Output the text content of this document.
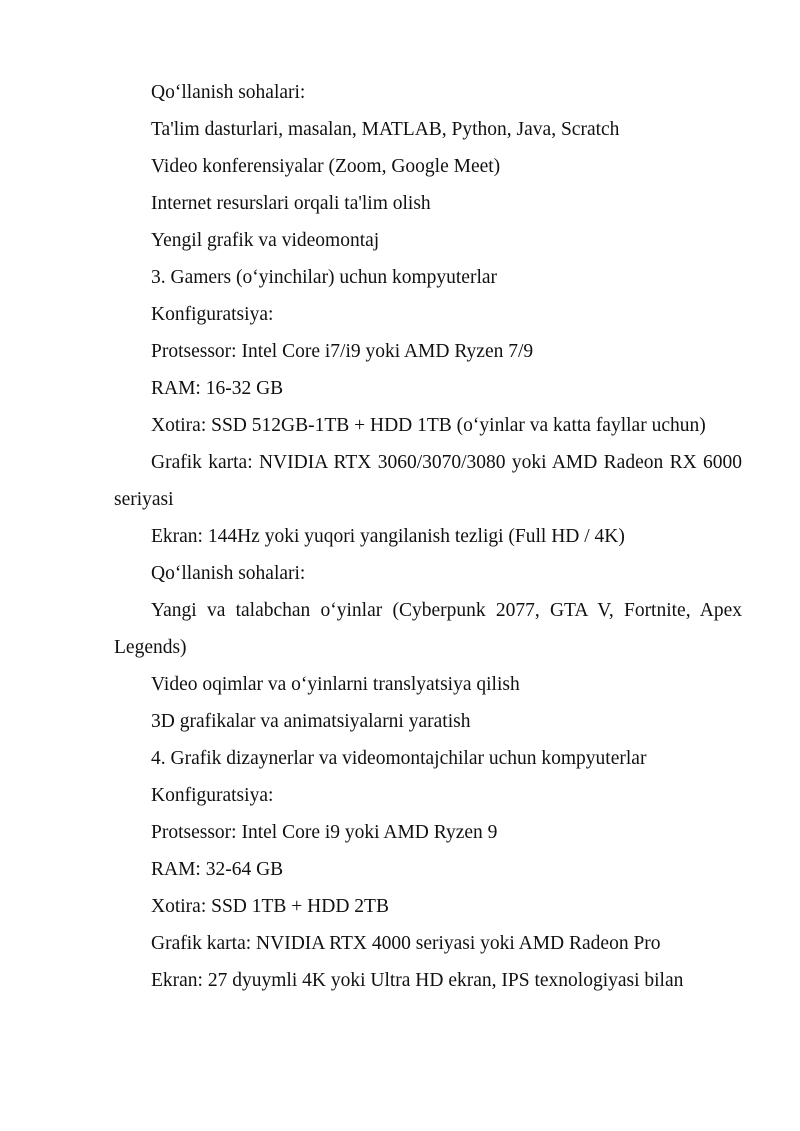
Qo‘llanish sohalari:

Ta'lim dasturlari, masalan, MATLAB, Python, Java, Scratch

Video konferensiyalar (Zoom, Google Meet)

Internet resurslari orqali ta'lim olish

Yengil grafik va videomontaj

3. Gamers (o‘yinchilar) uchun kompyuterlar

Konfiguratsiya:

Protsessor: Intel Core i7/i9 yoki AMD Ryzen 7/9

RAM: 16-32 GB

Xotira: SSD 512GB-1TB + HDD 1TB (o‘yinlar va katta fayllar uchun)

Grafik karta: NVIDIA RTX 3060/3070/3080 yoki AMD Radeon RX 6000 seriyasi

Ekran: 144Hz yoki yuqori yangilanish tezligi (Full HD / 4K)

Qo‘llanish sohalari:

Yangi va talabchan o‘yinlar (Cyberpunk 2077, GTA V, Fortnite, Apex Legends)

Video oqimlar va o‘yinlarni translyatsiya qilish

3D grafikalar va animatsiyalarni yaratish

4. Grafik dizaynerlar va videomontajchilar uchun kompyuterlar

Konfiguratsiya:

Protsessor: Intel Core i9 yoki AMD Ryzen 9

RAM: 32-64 GB

Xotira: SSD 1TB + HDD 2TB

Grafik karta: NVIDIA RTX 4000 seriyasi yoki AMD Radeon Pro

Ekran: 27 dyuymli 4K yoki Ultra HD ekran, IPS texnologiyasi bilan
